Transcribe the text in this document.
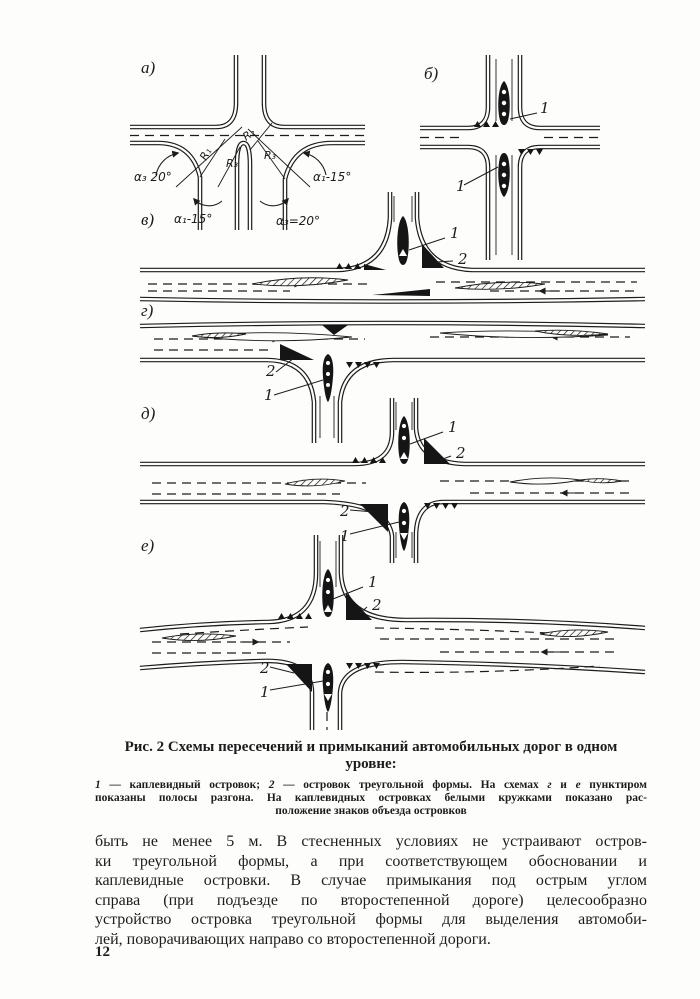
а)	б)
в)
г)
д)
е)
α₃ 20°
α₁-15°
α₁-15°
α₃=20°
R₁
R₃
R₂
R₃
1
1
1
2
2
1
1
2
2
1
1
2
2
1
Рис. 2 Схемы пересечений и примыканий автомобильных дорог в одном
уровне:
1 — каплевидный островок; 2 — островок треугольной формы. На схемах г и е пунктиром
показаны полосы разгона. На каплевидных островках белыми кружками показано рас-
положение знаков объезда островков
быть не менее 5 м. В стесненных условиях не устраивают остров-
ки треугольной формы, а при соответствующем обосновании и
каплевидные островки. В случае примыкания под острым углом
справа (при подъезде по второстепенной дороге) целесообразно
устройство островка треугольной формы для выделения автомоби-
лей, поворачивающих направо со второстепенной дороги.
12
